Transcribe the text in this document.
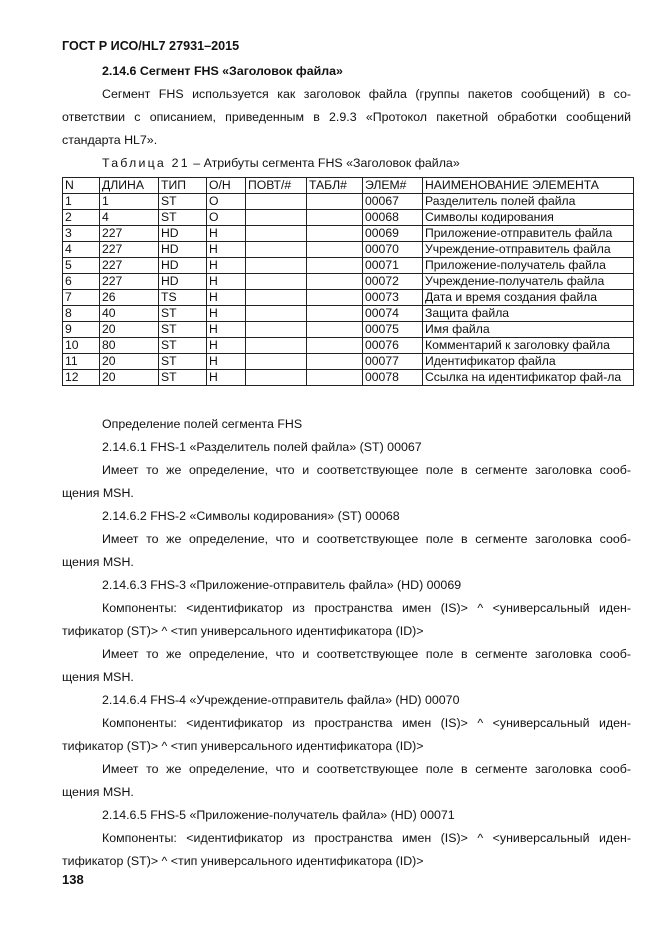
ГОСТ Р ИСО/HL7 27931–2015
2.14.6 Сегмент FHS «Заголовок файла»
Сегмент FHS используется как заголовок файла (группы пакетов сообщений) в со-
ответствии с описанием, приведенным в 2.9.3 «Протокол пакетной обработки сообщений
стандарта HL7».
Таблица 21 – Атрибуты сегмента FHS «Заголовок файла»
N	ДЛИНА	ТИП	О/Н	ПОВТ/#	ТАБЛ#	ЭЛЕМ#	НАИМЕНОВАНИЕ ЭЛЕМЕНТА
1	1	ST	O			00067	Разделитель полей файла
2	4	ST	O			00068	Символы кодирования
3	227	HD	H			00069	Приложение-отправитель файла
4	227	HD	H			00070	Учреждение-отправитель файла
5	227	HD	H			00071	Приложение-получатель файла
6	227	HD	H			00072	Учреждение-получатель файла
7	26	TS	H			00073	Дата и время создания файла
8	40	ST	H			00074	Защита файла
9	20	ST	H			00075	Имя файла
10	80	ST	H			00076	Комментарий к заголовку файла
11	20	ST	H			00077	Идентификатор файла
12	20	ST	H			00078	Ссылка на идентификатор фай-ла
Определение полей сегмента FHS
2.14.6.1 FHS-1 «Разделитель полей файла» (ST) 00067
Имеет то же определение, что и соответствующее поле в сегменте заголовка сооб-
щения MSH.
2.14.6.2 FHS-2 «Символы кодирования» (ST) 00068
Имеет то же определение, что и соответствующее поле в сегменте заголовка сооб-
щения MSH.
2.14.6.3 FHS-3 «Приложение-отправитель файла» (HD) 00069
Компоненты: <идентификатор из пространства имен (IS)> ^ <универсальный иден-
тификатор (ST)> ^ <тип универсального идентификатора (ID)>
Имеет то же определение, что и соответствующее поле в сегменте заголовка сооб-
щения MSH.
2.14.6.4 FHS-4 «Учреждение-отправитель файла» (HD) 00070
Компоненты: <идентификатор из пространства имен (IS)> ^ <универсальный иден-
тификатор (ST)> ^ <тип универсального идентификатора (ID)>
Имеет то же определение, что и соответствующее поле в сегменте заголовка сооб-
щения MSH.
2.14.6.5 FHS-5 «Приложение-получатель файла» (HD) 00071
Компоненты: <идентификатор из пространства имен (IS)> ^ <универсальный иден-
тификатор (ST)> ^ <тип универсального идентификатора (ID)>
138
